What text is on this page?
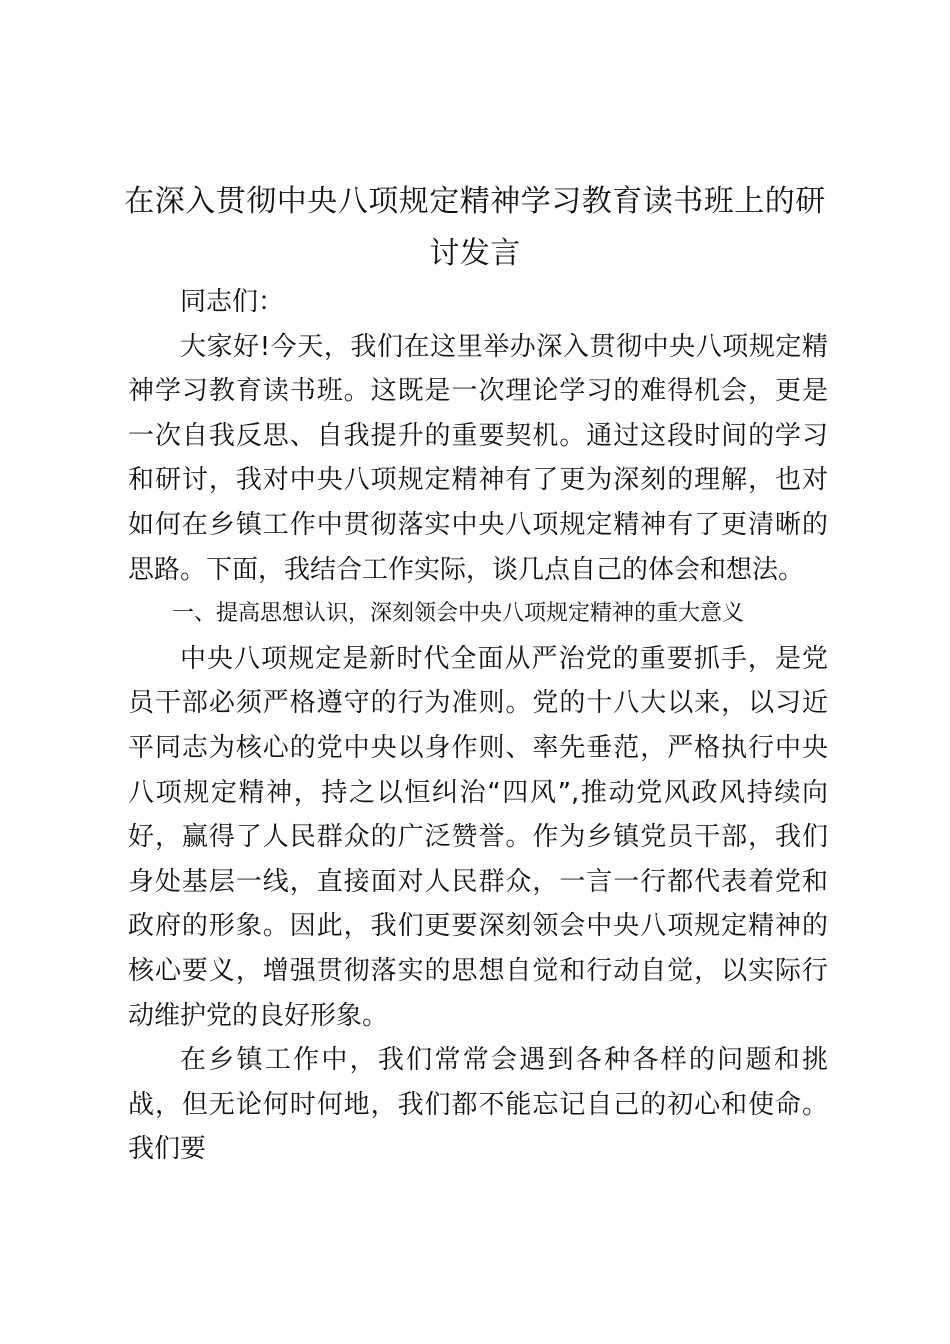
在深入贯彻中央八项规定精神学习教育读书班上的研讨发言

同志们：

大家好!今天，我们在这里举办深入贯彻中央八项规定精神学习教育读书班。这既是一次理论学习的难得机会，更是一次自我反思、自我提升的重要契机。通过这段时间的学习和研讨，我对中央八项规定精神有了更为深刻的理解，也对如何在乡镇工作中贯彻落实中央八项规定精神有了更清晰的思路。下面，我结合工作实际，谈几点自己的体会和想法。

一、提高思想认识，深刻领会中央八项规定精神的重大意义

中央八项规定是新时代全面从严治党的重要抓手，是党员干部必须严格遵守的行为准则。党的十八大以来，以习近平同志为核心的党中央以身作则、率先垂范，严格执行中央八项规定精神，持之以恒纠治“四风”,推动党风政风持续向好，赢得了人民群众的广泛赞誉。作为乡镇党员干部，我们身处基层一线，直接面对人民群众，一言一行都代表着党和政府的形象。因此，我们更要深刻领会中央八项规定精神的核心要义，增强贯彻落实的思想自觉和行动自觉，以实际行动维护党的良好形象。

在乡镇工作中，我们常常会遇到各种各样的问题和挑战，但无论何时何地，我们都不能忘记自己的初心和使命。我们要
